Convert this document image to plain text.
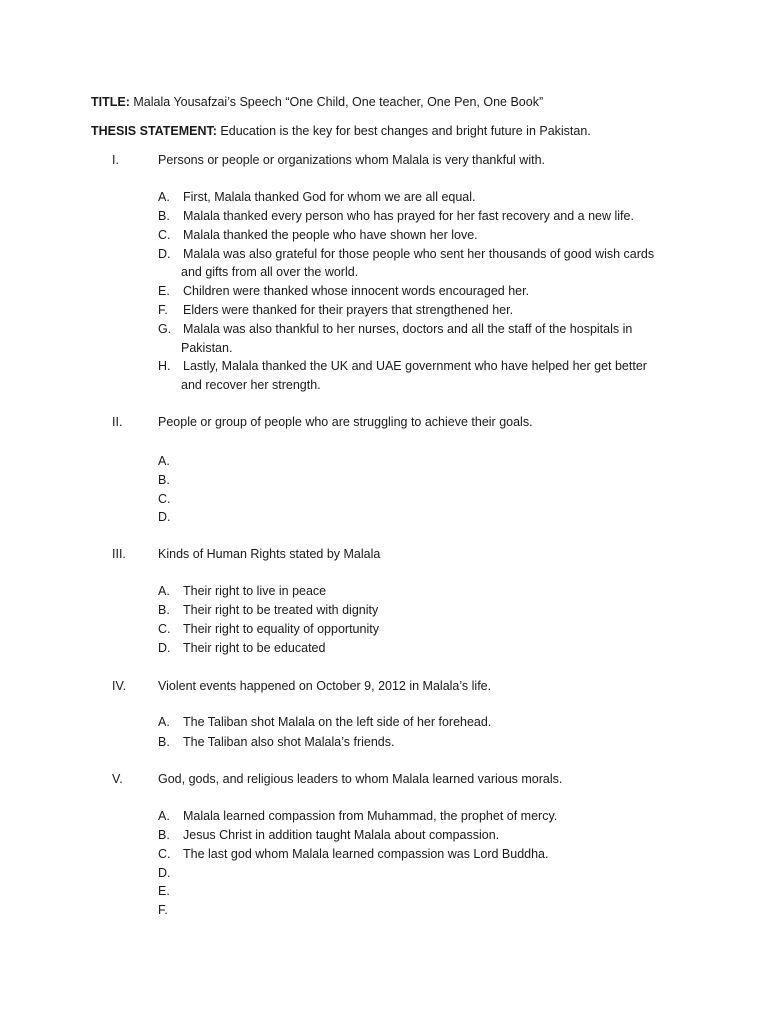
TITLE: Malala Yousafzai’s Speech “One Child, One teacher, One Pen, One Book”
THESIS STATEMENT: Education is the key for best changes and bright future in Pakistan.
I.	Persons or people or organizations whom Malala is very thankful with.
A. First, Malala thanked God for whom we are all equal.
B. Malala thanked every person who has prayed for her fast recovery and a new life.
C. Malala thanked the people who have shown her love.
D. Malala was also grateful for those people who sent her thousands of good wish cards
and gifts from all over the world.
E. Children were thanked whose innocent words encouraged her.
F. Elders were thanked for their prayers that strengthened her.
G. Malala was also thankful to her nurses, doctors and all the staff of the hospitals in
Pakistan.
H. Lastly, Malala thanked the UK and UAE government who have helped her get better
and recover her strength.
II.	People or group of people who are struggling to achieve their goals.
A.
B.
C.
D.
III.	Kinds of Human Rights stated by Malala
A. Their right to live in peace
B. Their right to be treated with dignity
C. Their right to equality of opportunity
D. Their right to be educated
IV.	Violent events happened on October 9, 2012 in Malala’s life.
A. The Taliban shot Malala on the left side of her forehead.
B. The Taliban also shot Malala’s friends.
V.	God, gods, and religious leaders to whom Malala learned various morals.
A. Malala learned compassion from Muhammad, the prophet of mercy.
B. Jesus Christ in addition taught Malala about compassion.
C. The last god whom Malala learned compassion was Lord Buddha.
D.
E.
F.
